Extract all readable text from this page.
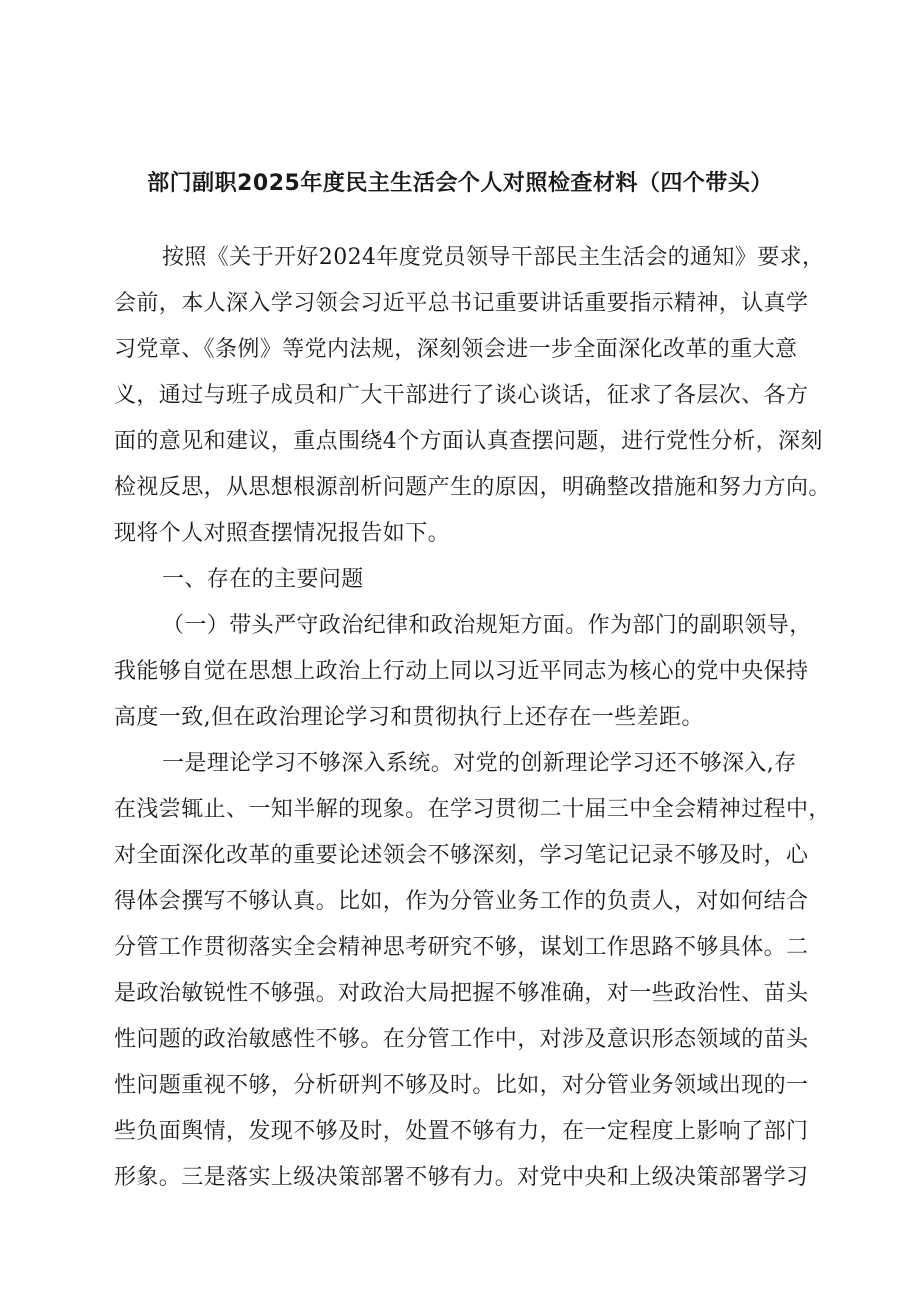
部门副职2025年度民主生活会个人对照检查材料（四个带头）
按照《关于开好2024年度党员领导干部民主生活会的通知》要求，
会前，本人深入学习领会习近平总书记重要讲话重要指示精神，认真学
习党章、《条例》等党内法规，深刻领会进一步全面深化改革的重大意
义，通过与班子成员和广大干部进行了谈心谈话，征求了各层次、各方
面的意见和建议，重点围绕4个方面认真查摆问题，进行党性分析，深刻
检视反思，从思想根源剖析问题产生的原因，明确整改措施和努力方向。
现将个人对照查摆情况报告如下。
一、存在的主要问题
（一）带头严守政治纪律和政治规矩方面。作为部门的副职领导，
我能够自觉在思想上政治上行动上同以习近平同志为核心的党中央保持
高度一致,但在政治理论学习和贯彻执行上还存在一些差距。
一是理论学习不够深入系统。对党的创新理论学习还不够深入,存
在浅尝辄止、一知半解的现象。在学习贯彻二十届三中全会精神过程中，
对全面深化改革的重要论述领会不够深刻，学习笔记记录不够及时，心
得体会撰写不够认真。比如，作为分管业务工作的负责人，对如何结合
分管工作贯彻落实全会精神思考研究不够，谋划工作思路不够具体。二
是政治敏锐性不够强。对政治大局把握不够准确，对一些政治性、苗头
性问题的政治敏感性不够。在分管工作中，对涉及意识形态领域的苗头
性问题重视不够，分析研判不够及时。比如，对分管业务领域出现的一
些负面舆情，发现不够及时，处置不够有力，在一定程度上影响了部门
形象。三是落实上级决策部署不够有力。对党中央和上级决策部署学习
